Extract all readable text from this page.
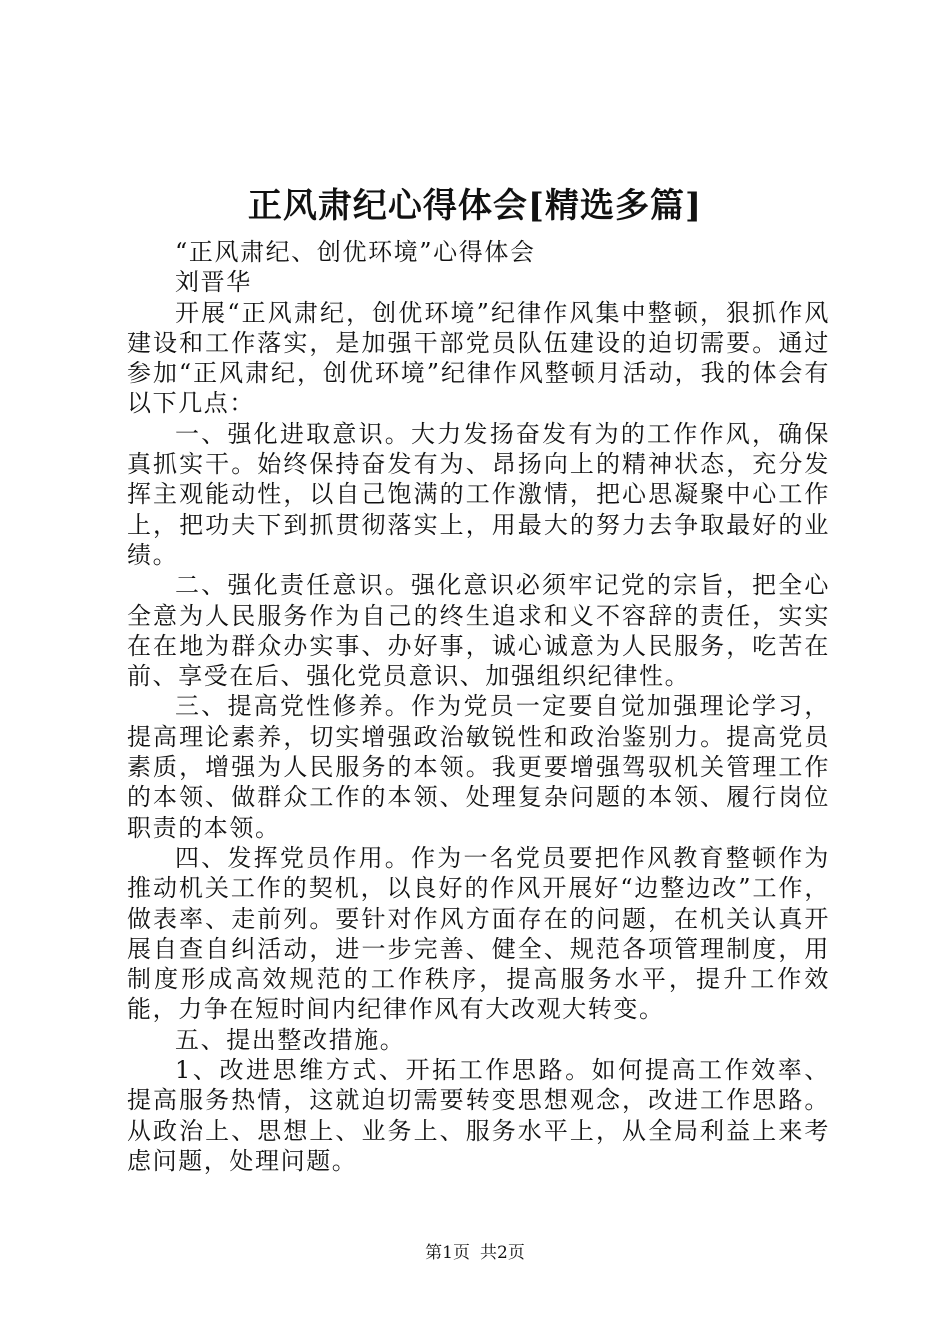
正风肃纪心得体会[精选多篇]

“正风肃纪、创优环境”心得体会

刘晋华

开展“正风肃纪，创优环境”纪律作风集中整顿，狠抓作风建设和工作落实，是加强干部党员队伍建设的迫切需要。通过参加“正风肃纪，创优环境”纪律作风整顿月活动，我的体会有以下几点：

一、强化进取意识。大力发扬奋发有为的工作作风，确保真抓实干。始终保持奋发有为、昂扬向上的精神状态，充分发挥主观能动性，以自己饱满的工作激情，把心思凝聚中心工作上，把功夫下到抓贯彻落实上，用最大的努力去争取最好的业绩。

二、强化责任意识。强化意识必须牢记党的宗旨，把全心全意为人民服务作为自己的终生追求和义不容辞的责任，实实在在地为群众办实事、办好事，诚心诚意为人民服务，吃苦在前、享受在后、强化党员意识、加强组织纪律性。

三、提高党性修养。作为党员一定要自觉加强理论学习，提高理论素养，切实增强政治敏锐性和政治鉴别力。提高党员素质，增强为人民服务的本领。我更要增强驾驭机关管理工作的本领、做群众工作的本领、处理复杂问题的本领、履行岗位职责的本领。

四、发挥党员作用。作为一名党员要把作风教育整顿作为推动机关工作的契机，以良好的作风开展好“边整边改”工作，做表率、走前列。要针对作风方面存在的问题，在机关认真开展自查自纠活动，进一步完善、健全、规范各项管理制度，用制度形成高效规范的工作秩序，提高服务水平，提升工作效能，力争在短时间内纪律作风有大改观大转变。

五、提出整改措施。

1、改进思维方式、开拓工作思路。如何提高工作效率、提高服务热情，这就迫切需要转变思想观念，改进工作思路。从政治上、思想上、业务上、服务水平上，从全局利益上来考虑问题，处理问题。

第1页 共2页
